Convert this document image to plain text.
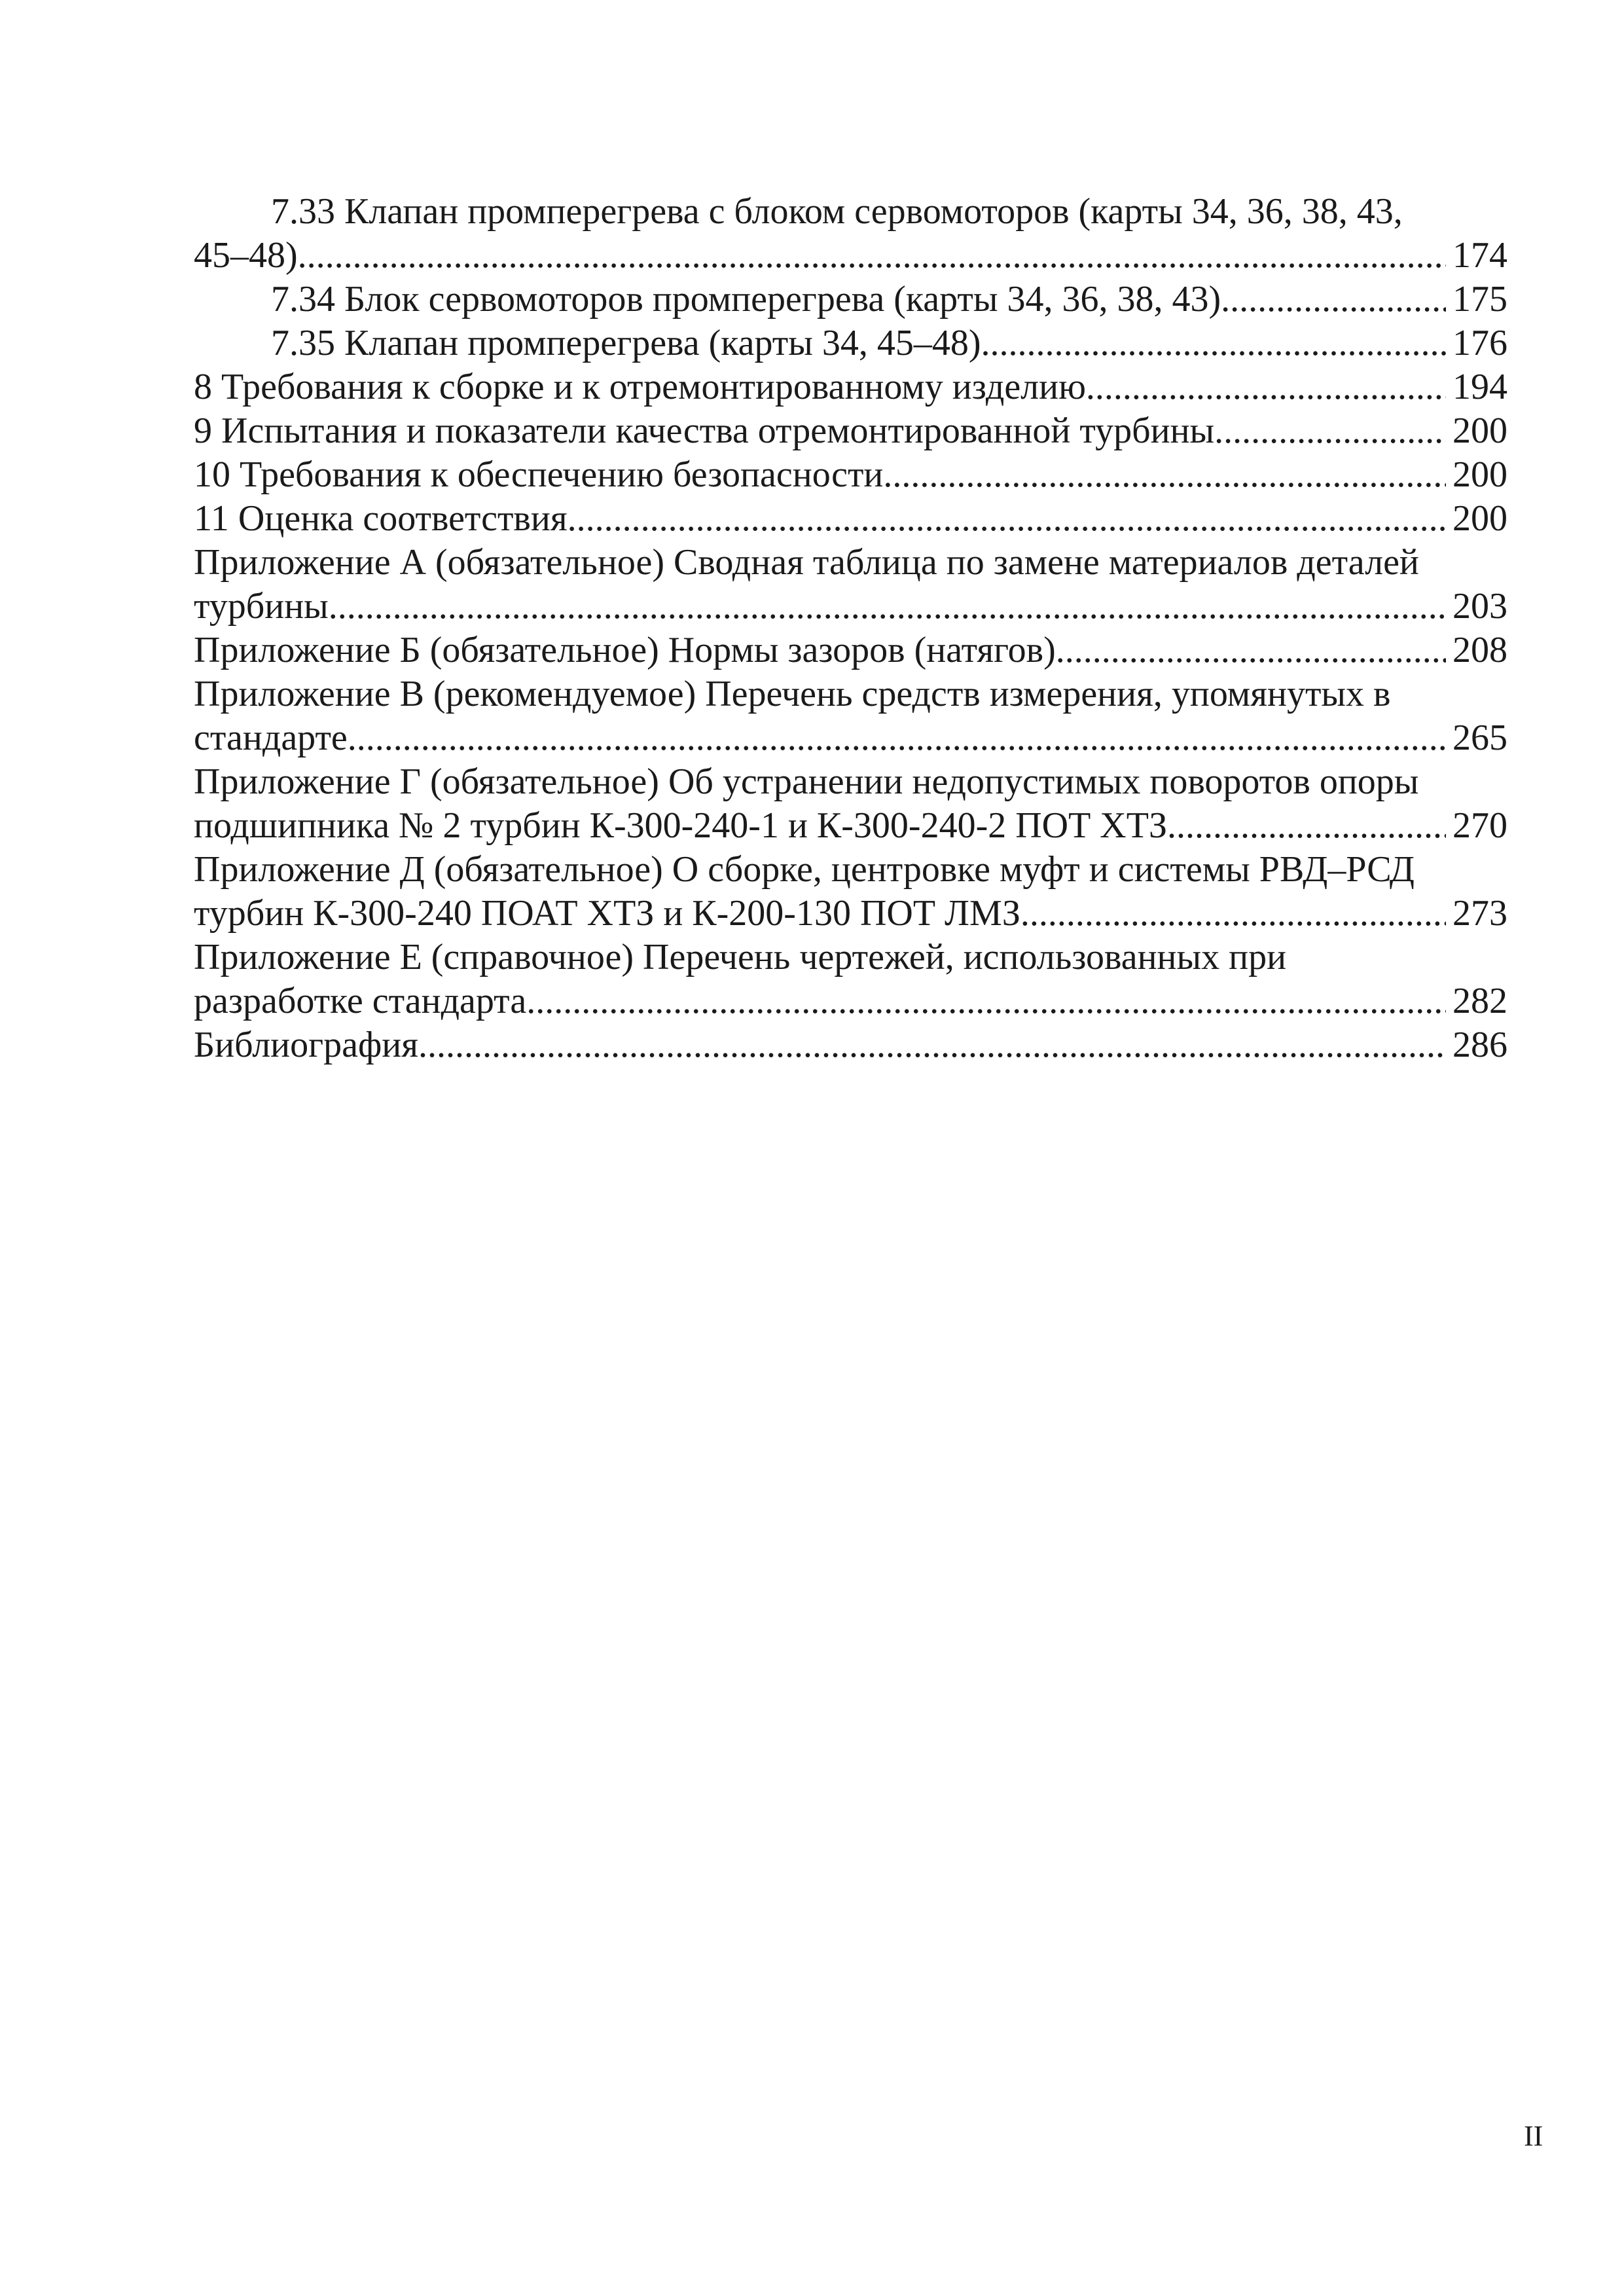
7.33 Клапан промперегрева с блоком сервомоторов (карты 34, 36, 38, 43,
45–48). .....	174
7.34 Блок сервомоторов промперегрева (карты 34, 36, 38, 43). .....	175
7.35 Клапан промперегрева (карты 34, 45–48). .....	176
8 Требования к сборке и к отремонтированному изделию .....	194
9 Испытания и показатели качества отремонтированной турбины .....	200
10 Требования к обеспечению безопасности .....	200
11 Оценка соответствия .....	200
Приложение А (обязательное) Сводная таблица по замене материалов деталей
турбины .....	203
Приложение Б (обязательное) Нормы зазоров (натягов). .....	208
Приложение В (рекомендуемое) Перечень средств измерения, упомянутых в
стандарте .....	265
Приложение Г (обязательное) Об устранении недопустимых поворотов опоры
подшипника № 2 турбин К-300-240-1 и К-300-240-2 ПОТ ХТЗ .....	270
Приложение Д (обязательное) О сборке, центровке муфт и системы РВД–РСД
турбин К-300-240 ПОАТ ХТЗ и К-200-130 ПОТ ЛМЗ .....	273
Приложение Е (справочное) Перечень чертежей, использованных при
разработке стандарта .....	282
Библиография .....	286
II
